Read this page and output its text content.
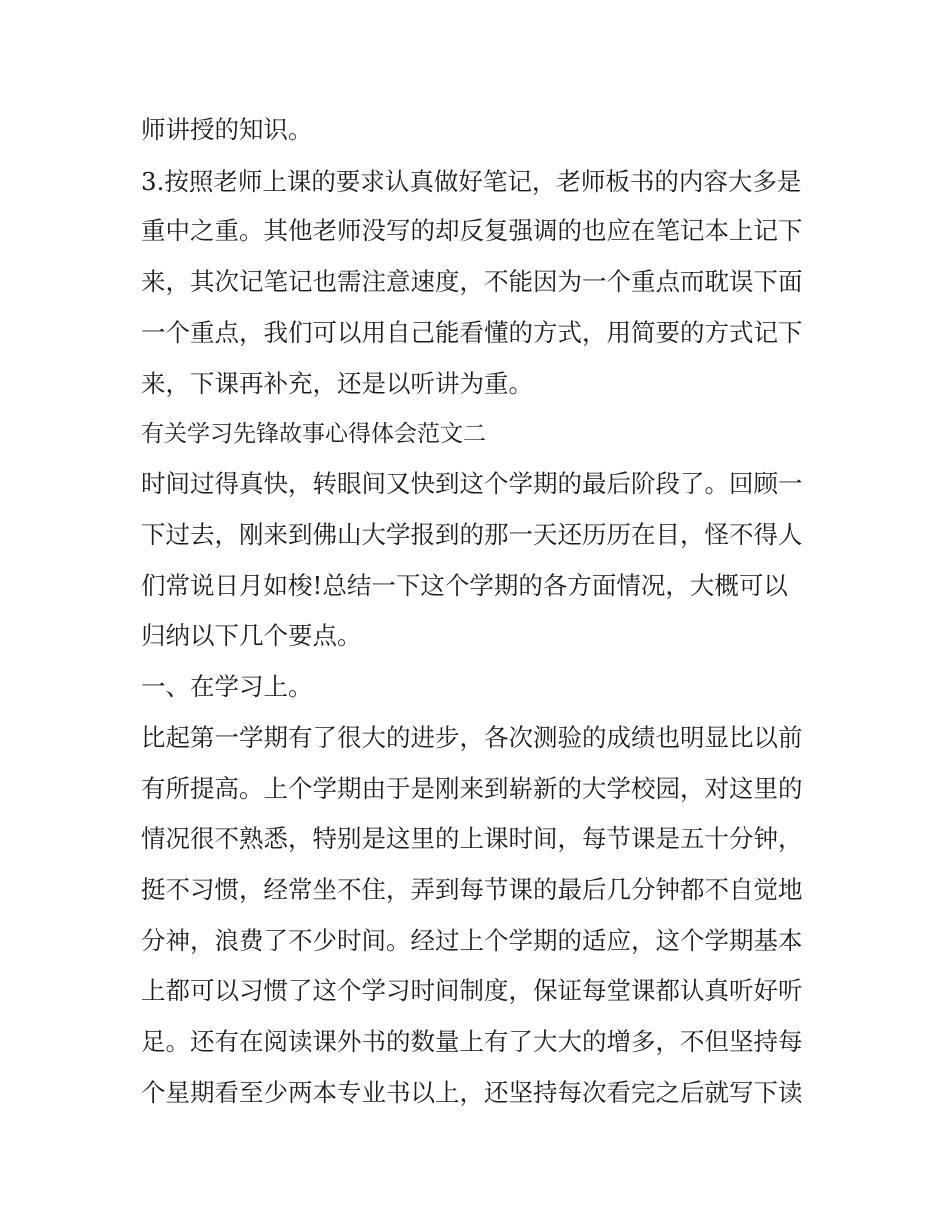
师讲授的知识。
3.按照老师上课的要求认真做好笔记，老师板书的内容大多是
重中之重。其他老师没写的却反复强调的也应在笔记本上记下
来，其次记笔记也需注意速度，不能因为一个重点而耽误下面
一个重点，我们可以用自己能看懂的方式，用简要的方式记下
来，下课再补充，还是以听讲为重。
有关学习先锋故事心得体会范文二
时间过得真快，转眼间又快到这个学期的最后阶段了。回顾一
下过去，刚来到佛山大学报到的那一天还历历在目，怪不得人
们常说日月如梭!总结一下这个学期的各方面情况，大概可以
归纳以下几个要点。
一、在学习上。
比起第一学期有了很大的进步，各次测验的成绩也明显比以前
有所提高。上个学期由于是刚来到崭新的大学校园，对这里的
情况很不熟悉，特别是这里的上课时间，每节课是五十分钟，
挺不习惯，经常坐不住，弄到每节课的最后几分钟都不自觉地
分神，浪费了不少时间。经过上个学期的适应，这个学期基本
上都可以习惯了这个学习时间制度，保证每堂课都认真听好听
足。还有在阅读课外书的数量上有了大大的增多，不但坚持每
个星期看至少两本专业书以上，还坚持每次看完之后就写下读
